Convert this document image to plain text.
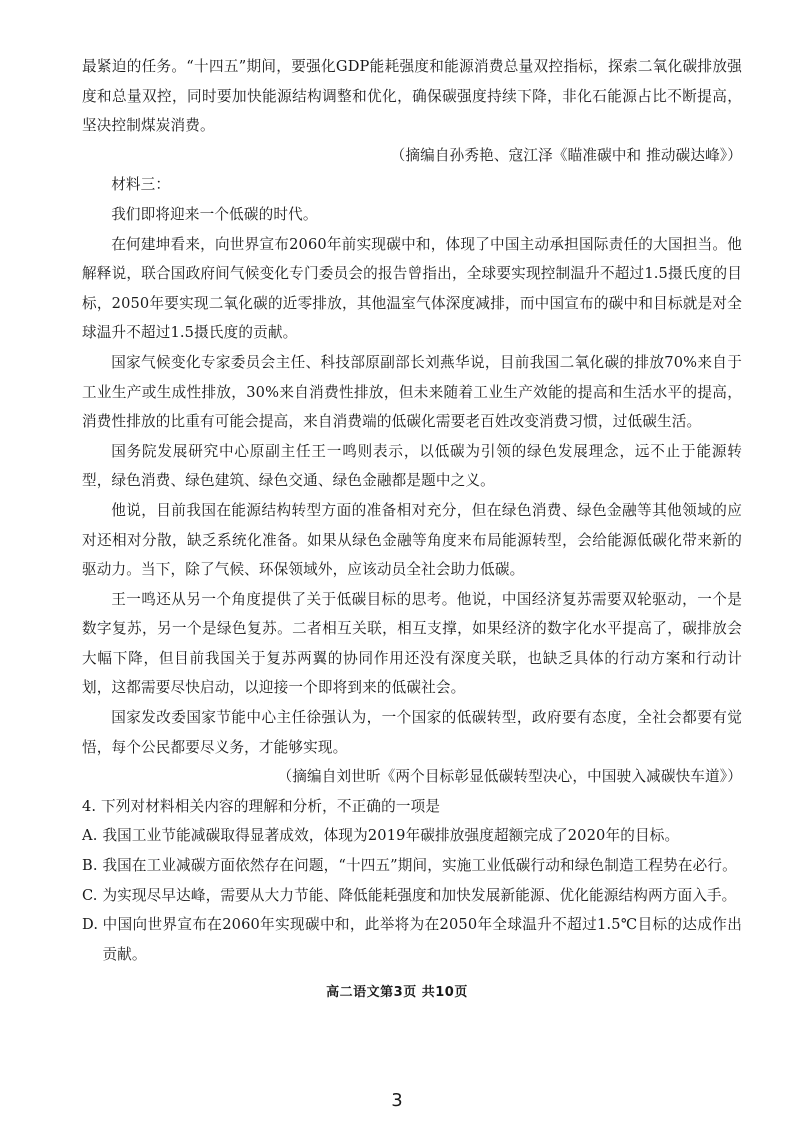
最紧迫的任务。“十四五”期间，要强化GDP能耗强度和能源消费总量双控指标，探索二氧化碳排放强度和总量双控，同时要加快能源结构调整和优化，确保碳强度持续下降，非化石能源占比不断提高，坚决控制煤炭消费。

（摘编自孙秀艳、寇江泽《瞄准碳中和 推动碳达峰》）

材料三：

我们即将迎来一个低碳的时代。

在何建坤看来，向世界宣布2060年前实现碳中和，体现了中国主动承担国际责任的大国担当。他解释说，联合国政府间气候变化专门委员会的报告曾指出，全球要实现控制温升不超过1.5摄氏度的目标，2050年要实现二氧化碳的近零排放，其他温室气体深度减排，而中国宣布的碳中和目标就是对全球温升不超过1.5摄氏度的贡献。

国家气候变化专家委员会主任、科技部原副部长刘燕华说，目前我国二氧化碳的排放70%来自于工业生产或生成性排放，30%来自消费性排放，但未来随着工业生产效能的提高和生活水平的提高，消费性排放的比重有可能会提高，来自消费端的低碳化需要老百姓改变消费习惯，过低碳生活。

国务院发展研究中心原副主任王一鸣则表示，以低碳为引领的绿色发展理念，远不止于能源转型，绿色消费、绿色建筑、绿色交通、绿色金融都是题中之义。

他说，目前我国在能源结构转型方面的准备相对充分，但在绿色消费、绿色金融等其他领域的应对还相对分散，缺乏系统化准备。如果从绿色金融等角度来布局能源转型，会给能源低碳化带来新的驱动力。当下，除了气候、环保领域外，应该动员全社会助力低碳。

王一鸣还从另一个角度提供了关于低碳目标的思考。他说，中国经济复苏需要双轮驱动，一个是数字复苏，另一个是绿色复苏。二者相互关联，相互支撑，如果经济的数字化水平提高了，碳排放会大幅下降，但目前我国关于复苏两翼的协同作用还没有深度关联，也缺乏具体的行动方案和行动计划，这都需要尽快启动，以迎接一个即将到来的低碳社会。

国家发改委国家节能中心主任徐强认为，一个国家的低碳转型，政府要有态度，全社会都要有觉悟，每个公民都要尽义务，才能够实现。

（摘编自刘世昕《两个目标彰显低碳转型决心，中国驶入减碳快车道》）

4. 下列对材料相关内容的理解和分析，不正确的一项是

A. 我国工业节能减碳取得显著成效，体现为2019年碳排放强度超额完成了2020年的目标。

B. 我国在工业减碳方面依然存在问题，“十四五”期间，实施工业低碳行动和绿色制造工程势在必行。

C. 为实现尽早达峰，需要从大力节能、降低能耗强度和加快发展新能源、优化能源结构两方面入手。

D. 中国向世界宣布在2060年实现碳中和，此举将为在2050年全球温升不超过1.5℃目标的达成作出贡献。

高二语文第3页 共10页
3
